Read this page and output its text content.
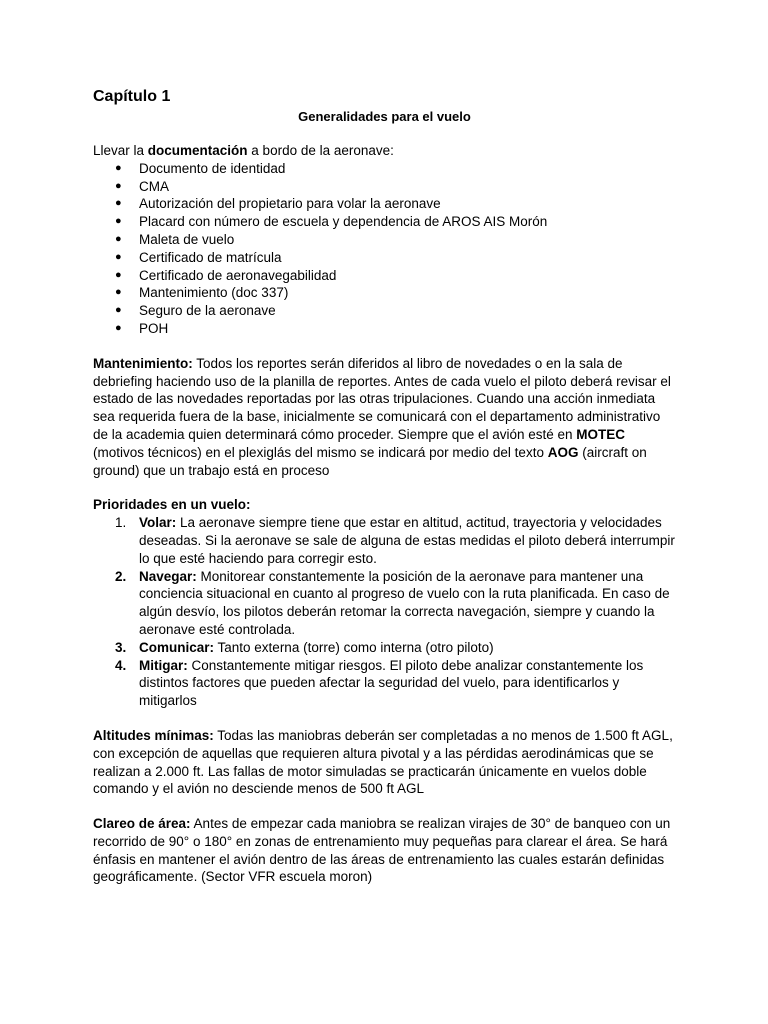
Capítulo 1

Generalidades para el vuelo

Llevar la documentación a bordo de la aeronave:

● Documento de identidad
● CMA
● Autorización del propietario para volar la aeronave
● Placard con número de escuela y dependencia de AROS AIS Morón
● Maleta de vuelo
● Certificado de matrícula
● Certificado de aeronavegabilidad
● Mantenimiento (doc 337)
● Seguro de la aeronave
● POH

Mantenimiento: Todos los reportes serán diferidos al libro de novedades o en la sala de debriefing haciendo uso de la planilla de reportes. Antes de cada vuelo el piloto deberá revisar el estado de las novedades reportadas por las otras tripulaciones. Cuando una acción inmediata sea requerida fuera de la base, inicialmente se comunicará con el departamento administrativo de la academia quien determinará cómo proceder. Siempre que el avión esté en MOTEC (motivos técnicos) en el plexiglás del mismo se indicará por medio del texto AOG (aircraft on ground) que un trabajo está en proceso

Prioridades en un vuelo:

1. Volar: La aeronave siempre tiene que estar en altitud, actitud, trayectoria y velocidades deseadas. Si la aeronave se sale de alguna de estas medidas el piloto deberá interrumpir lo que esté haciendo para corregir esto.
2. Navegar: Monitorear constantemente la posición de la aeronave para mantener una conciencia situacional en cuanto al progreso de vuelo con la ruta planificada. En caso de algún desvío, los pilotos deberán retomar la correcta navegación, siempre y cuando la aeronave esté controlada.
3. Comunicar: Tanto externa (torre) como interna (otro piloto)
4. Mitigar: Constantemente mitigar riesgos. El piloto debe analizar constantemente los distintos factores que pueden afectar la seguridad del vuelo, para identificarlos y mitigarlos

Altitudes mínimas: Todas las maniobras deberán ser completadas a no menos de 1.500 ft AGL, con excepción de aquellas que requieren altura pivotal y a las pérdidas aerodinámicas que se realizan a 2.000 ft. Las fallas de motor simuladas se practicarán únicamente en vuelos doble comando y el avión no desciende menos de 500 ft AGL

Clareo de área: Antes de empezar cada maniobra se realizan virajes de 30° de banqueo con un recorrido de 90° o 180° en zonas de entrenamiento muy pequeñas para clarear el área. Se hará énfasis en mantener el avión dentro de las áreas de entrenamiento las cuales estarán definidas geográficamente. (Sector VFR escuela moron)
